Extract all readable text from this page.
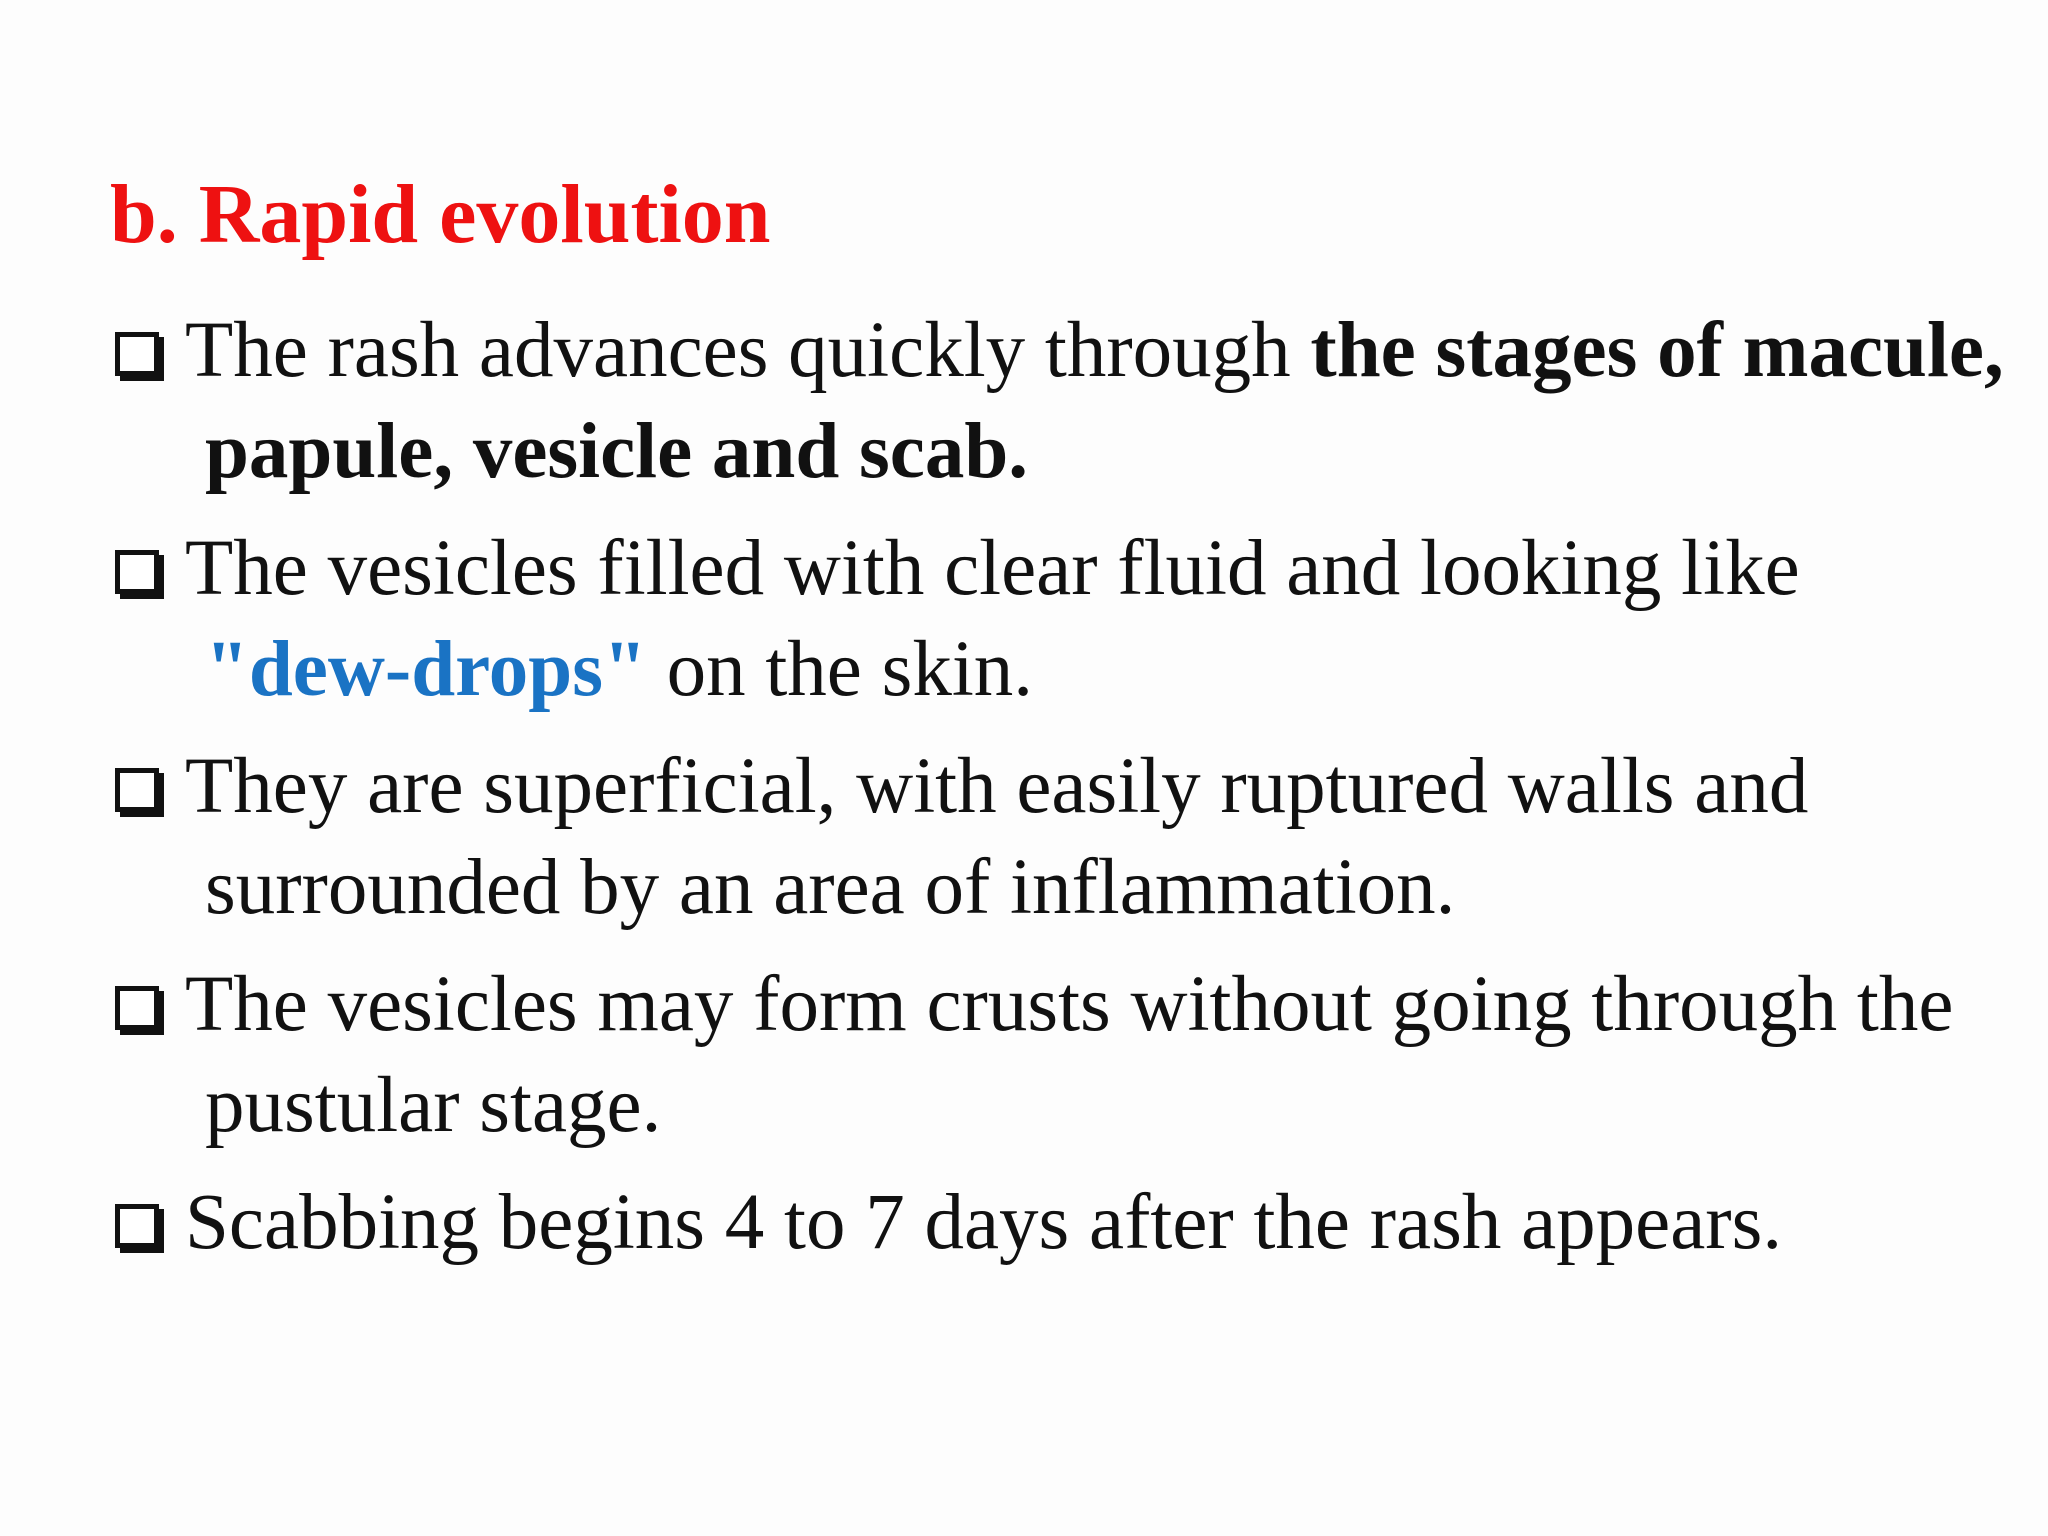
b. Rapid evolution
The rash advances quickly through the stages of macule, papule, vesicle and scab.
The vesicles filled with clear fluid and looking like "dew-drops" on the skin.
They are superficial, with easily ruptured walls and surrounded by an area of inflammation.
The vesicles may form crusts without going through the pustular stage.
Scabbing begins 4 to 7 days after the rash appears.
